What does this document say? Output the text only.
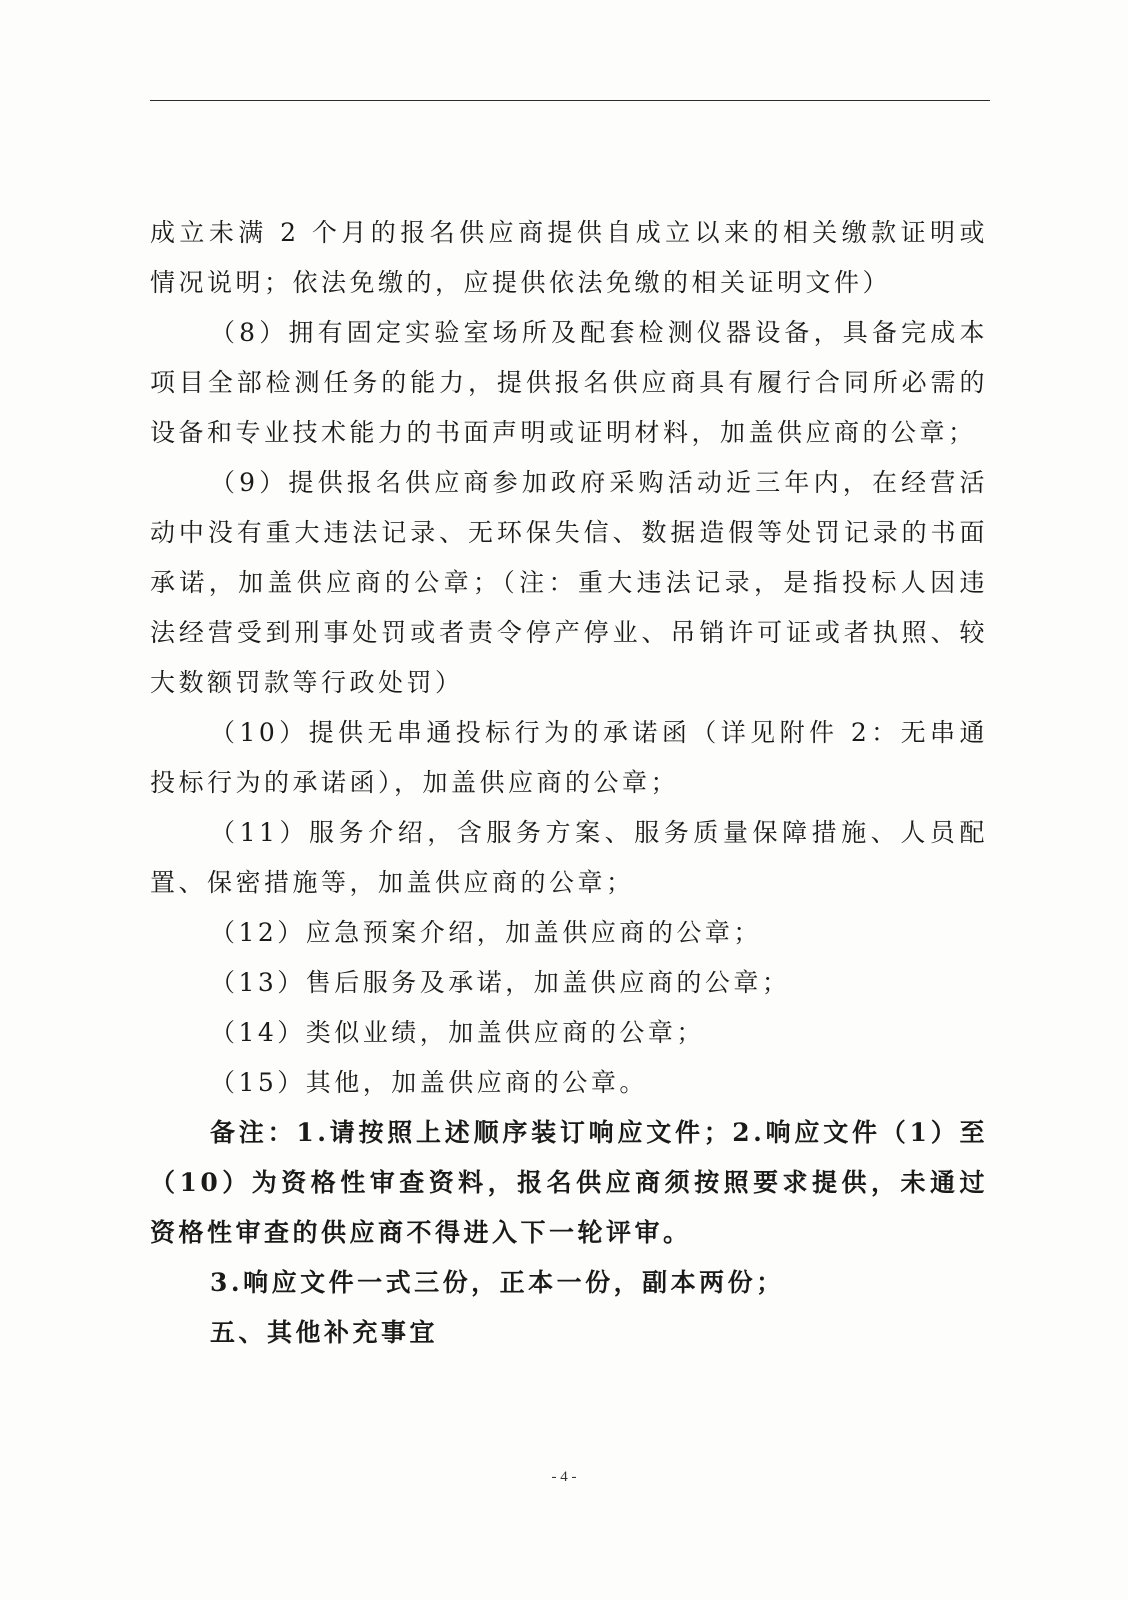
成立未满 2 个月的报名供应商提供自成立以来的相关缴款证明或情况说明；依法免缴的，应提供依法免缴的相关证明文件）

（8）拥有固定实验室场所及配套检测仪器设备，具备完成本项目全部检测任务的能力，提供报名供应商具有履行合同所必需的设备和专业技术能力的书面声明或证明材料，加盖供应商的公章；

（9）提供报名供应商参加政府采购活动近三年内，在经营活动中没有重大违法记录、无环保失信、数据造假等处罚记录的书面承诺，加盖供应商的公章；（注：重大违法记录，是指投标人因违法经营受到刑事处罚或者责令停产停业、吊销许可证或者执照、较大数额罚款等行政处罚）

（10）提供无串通投标行为的承诺函（详见附件 2：无串通投标行为的承诺函），加盖供应商的公章；

（11）服务介绍，含服务方案、服务质量保障措施、人员配置、保密措施等，加盖供应商的公章；

（12）应急预案介绍，加盖供应商的公章；

（13）售后服务及承诺，加盖供应商的公章；

（14）类似业绩，加盖供应商的公章；

（15）其他，加盖供应商的公章。

备注：1.请按照上述顺序装订响应文件；2.响应文件（1）至（10）为资格性审查资料，报名供应商须按照要求提供，未通过资格性审查的供应商不得进入下一轮评审。

3.响应文件一式三份，正本一份，副本两份；

五、其他补充事宜

- 4 -
